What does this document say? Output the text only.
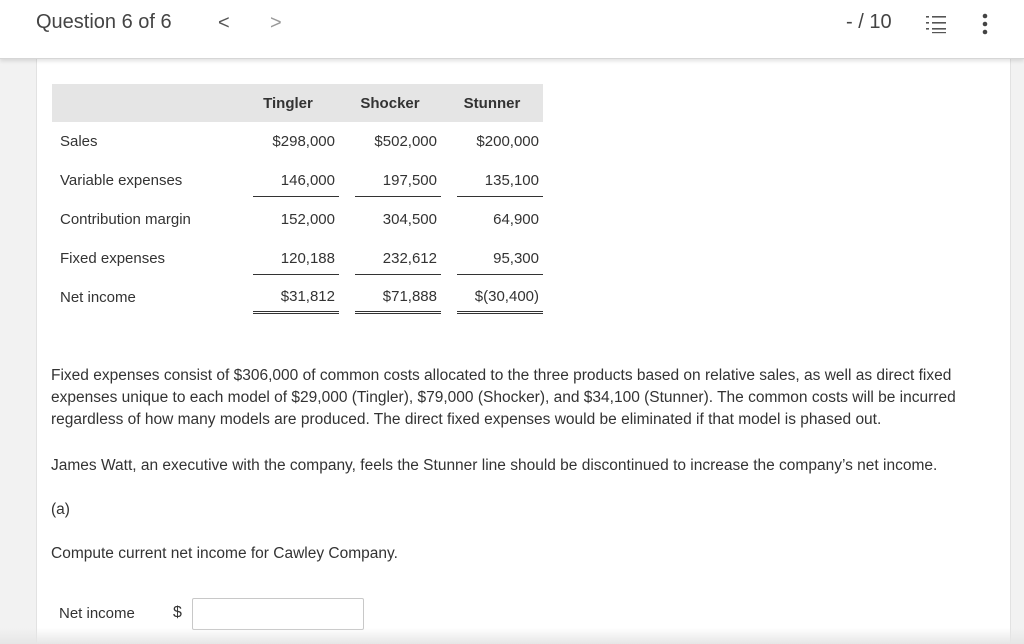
Question 6 of 6 < >	- / 10
	Tingler	Shocker	Stunner
Sales	$298,000	$502,000	$200,000
Variable expenses	146,000	197,500	135,100
Contribution margin	152,000	304,500	64,900
Fixed expenses	120,188	232,612	95,300
Net income	$31,812	$71,888	$(30,400)

Fixed expenses consist of $306,000 of common costs allocated to the three products based on relative sales, as well as direct fixed expenses unique to each model of $29,000 (Tingler), $79,000 (Shocker), and $34,100 (Stunner). The common costs will be incurred regardless of how many models are produced. The direct fixed expenses would be eliminated if that model is phased out.

James Watt, an executive with the company, feels the Stunner line should be discontinued to increase the company’s net income.

(a)

Compute current net income for Cawley Company.

Net income $
